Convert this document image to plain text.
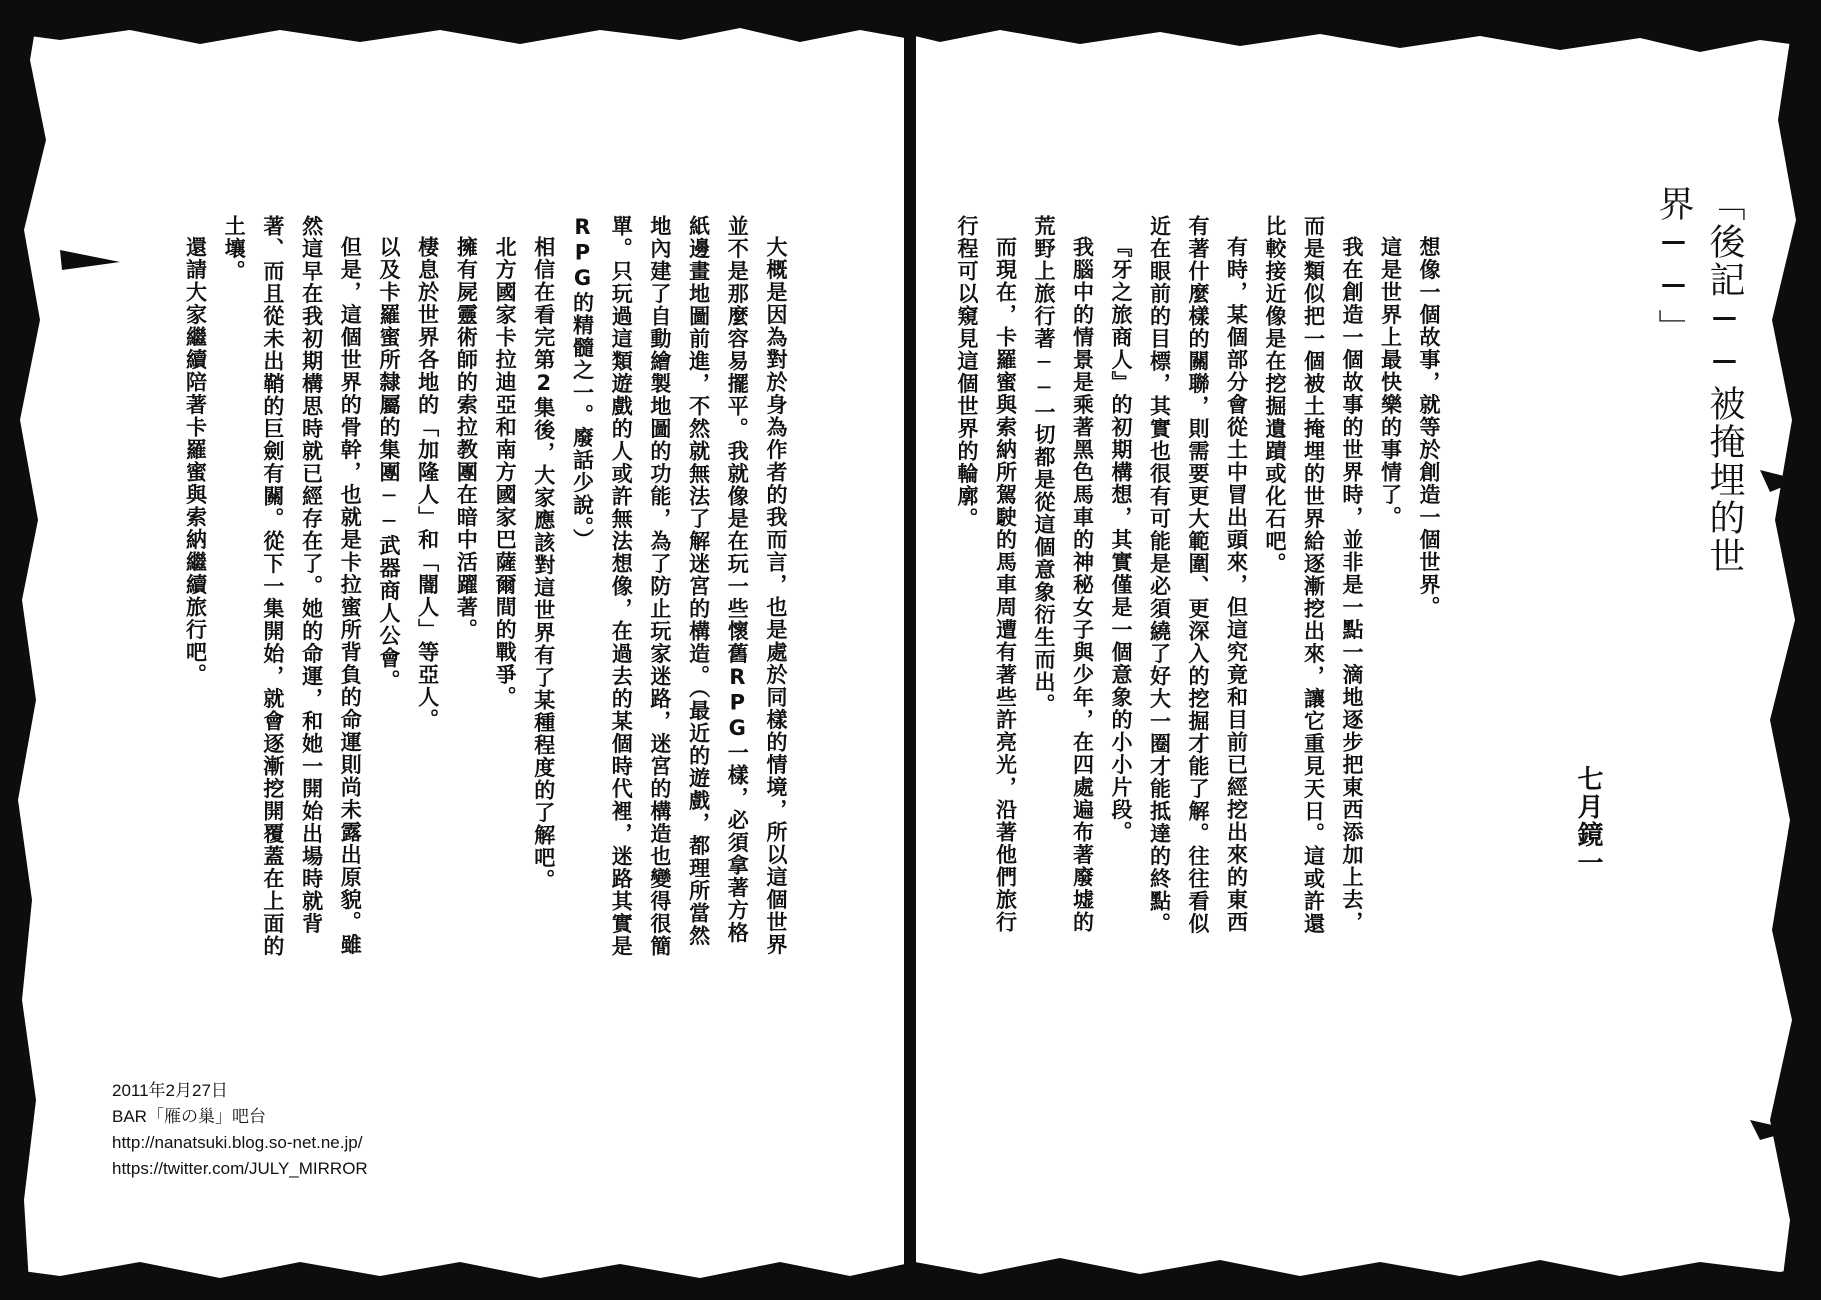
「後記──被掩埋的世界──」

想像一個故事，就等於創造一個世界。

這是世界上最快樂的事情了。

我在創造一個故事的世界時，並非是一點一滴地逐步把東西添加上去，而是類似把一個被土掩埋的世界給逐漸挖出來，讓它重見天日。這或許還比較接近像是在挖掘遺蹟或化石吧。

有時，某個部分會從土中冒出頭來，但這究竟和目前已經挖出來的東西有著什麼樣的關聯，則需要更大範圍、更深入的挖掘才能了解。往往看似近在眼前的目標，其實也很有可能是必須繞了好大一圈才能抵達的終點。

『牙之旅商人』的初期構想，其實僅是一個意象的小小片段。

我腦中的情景是乘著黑色馬車的神秘女子與少年，在四處遍布著廢墟的荒野上旅行著──一切都是從這個意象衍生而出。

而現在，卡羅蜜與索納所駕駛的馬車周遭有著些許亮光，沿著他們旅行行程可以窺見這個世界的輪廓。

七月鏡一

大概是因為對於身為作者的我而言，也是處於同樣的情境，所以這個世界並不是那麼容易擺平。我就像是在玩一些懷舊RPG一樣，必須拿著方格紙邊畫地圖前進，不然就無法了解迷宮的構造。（最近的遊戲，都理所當然地內建了自動繪製地圖的功能，為了防止玩家迷路，迷宮的構造也變得很簡單。只玩過這類遊戲的人或許無法想像，在過去的某個時代裡，迷路其實是RPG的精髓之一。廢話少說。）

相信在看完第2集後，大家應該對這世界有了某種程度的了解吧。

北方國家卡拉迪亞和南方國家巴薩爾間的戰爭。

擁有屍靈術師的索拉教團在暗中活躍著。

棲息於世界各地的「加隆人」和「闇人」等亞人。

以及卡羅蜜所隸屬的集團──武器商人公會。

但是，這個世界的骨幹，也就是卡拉蜜所背負的命運則尚未露出原貌。雖然這早在我初期構思時就已經存在了。她的命運，和她一開始出場時就背著、而且從未出鞘的巨劍有關。從下一集開始，就會逐漸挖開覆蓋在上面的土壤。

還請大家繼續陪著卡羅蜜與索納繼續旅行吧。

2011年2月27日
BAR「雁の巢」吧台
http://nanatsuki.blog.so-net.ne.jp/
https://twitter.com/JULY_MIRROR
